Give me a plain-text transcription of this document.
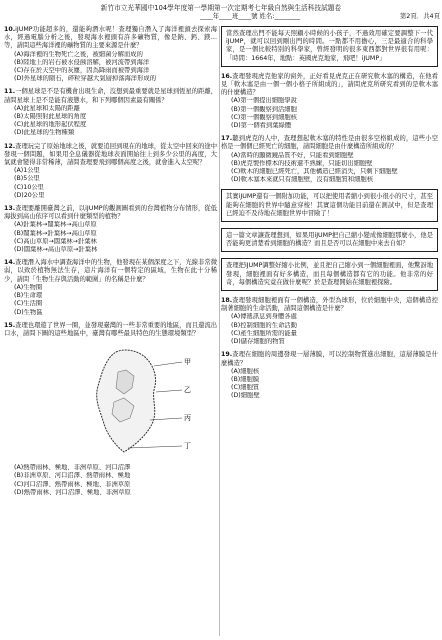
新竹市立光華國中104學年度第一學期第一次定期考七年級自然與生活科技試題卷
____年____班____號 姓名:________	第2頁．共4頁
10.iJUMP功能超多的，還能夠潛水呢！查理獨自潛入了海洋裡頭去探索海水，經過電腦分析之後，發現海水裡頭有許多礦物質，像是鈉、鈣、鎂…等，請問這些海洋裡的礦物質的主要來源是什麼？
(A)海洋裡的生物死亡之後，被細菌分解而成的
(B)陸地上的岩石被水侵蝕溶解，被河流帶到海洋
(C)存在於天空中的灰塵，因為降雨而被帶到海洋
(D)外星球的隕石，碎粒穿越大氣層掉落海洋形成的
11.一個星球是不是有機會出現生命，沒想到最重要就是星球到恆星的距離，請問星球上是不是能有液態水，和下列哪個因素最有關係？
(A)此星球和太陽的距離
(B)太陽照射此星球的角度
(C)此星球的地形起伏程度
(D)此星球的生物種類
12.查理玩完了原始地球之後，就要追回到現在的地球，從太空中回來的途中發現一個問題，如果用全息儀器從地球表面開始往上到多少公里的高度，大氣就會變得非常稀薄，請問查理要飛到哪個高度之後，就會進入太空呢？
(A)1公里
(B)5公里
(C)10公里
(D)20公里
13.查理要離開臺灣之前，以iJUMP的觀測圖看到的台灣植物分布情形，從低海拔到高山依序可以看到什麼類型的植物？
(A)針葉林→闊葉林→高山草原
(B)闊葉林→針葉林→高山草原
(C)高山草原→闊葉林→針葉林
(D)闊葉林→高山草原→針葉林
14.查理潛入海水中調查海洋中的生物，他發現在某個深度之下，光線非常微弱，以致於植物無法生存，這片海洋有一個特定的區域，生物在此十分稀少，請問「生物生存與活動的範圍」的名稱是什麼？
(A)生物圈
(B)生命環
(C)生活圈
(D)生物區
15.查理也環遊了世界一圈，並發現臺灣的一些非常重要的地區，而且還流出口水，請問下圖的這些地區中，臺灣有哪些最具特色的生態環境類型？
甲
乙
丙
丁
(A)熱帶雨林、極地、非洲草原、河口沼澤
(B)非洲草原、河口沼澤、熱帶雨林、極地
(C)河口沼澤、熱帶雨林、極地、非洲草原
(D)熱帶雨林、河口沼澤、極地、非洲草原
當然查理出門不能每天照顧小時候的小孩子，不過效用確定要調整下一代iJUMP，就可以回到剛出門的時間。一點都不用擔心，三是最適合的科學家，是一個比較特別的科學家，曾經發明的很多東西都對世界很有用呢：「時間：1664年，地點：英國虎克地家，飛吧！iJUMP」
16.查理發現虎克他家的窗外，正好看見虎克正在研究軟木塞的構造，在他看見「軟木塞是由一個一個小格子所組成的」，請問虎克所研究看到的是軟木塞的什麼構造？
(A)第一個提出細胞學說
(B)第一個觀察到活細胞
(C)第一個觀察到細胞核
(D)第一個看到葉綠體
17.聽到虎克的人中，查理想起軟木塞的特性是由很多空格組成的，這些小空格是一個個已經死亡的細胞，請問細胞是由什麼構造所組成的？
(A)當時的顯微鏡品質不好，只能看到細胞壁
(B)虎克製作標本的技術還不熟練，只能切出細胞壁
(C)軟木的細胞已經死亡，其他構造已經消失，只剩下細胞壁
(D)軟木塞本來就只有細胞壁，沒有細胞質和細胞核
其實iJUMP還有一個附加功能，可以把使用者縮小到很小很小的尺寸，甚至能夠在細胞的世界中隨意穿梭！其實這個功能目前還在測試中，但是查理已經迫不及待地在細胞世界中冒險了！
這一篇文章讓查理想到，如果用iJUMP把自己縮小變成像細胞那麼小，他是否能夠更清楚看到細胞的構造？而且是否可以在細胞中來去自如？
查理把iJUMP調整好縮小比例，並且把自己縮小到一個細胞裡面，他驚訝地發現，細胞裡面有好多構造，而且每個構造都有它的功能。他非常的好奇，每個構造究竟在做什麼呢？於是查理開始在細胞裡探險。
18.查理發現細胞裡面有一個構造，外型為球形，位於細胞中央，這個構造控制著細胞的生命活動，請問這個構造是什麼？
(A)傳遞訊息到身體各處
(B)控制細胞的生命活動
(C)產生細胞所需的能量
(D)儲存細胞的物質
19.查理在細胞的周邊發現一層薄膜，可以控制物質進出細胞，這層薄膜是什麼構造？
(A)細胞核
(B)細胞膜
(C)細胞質
(D)細胞壁
